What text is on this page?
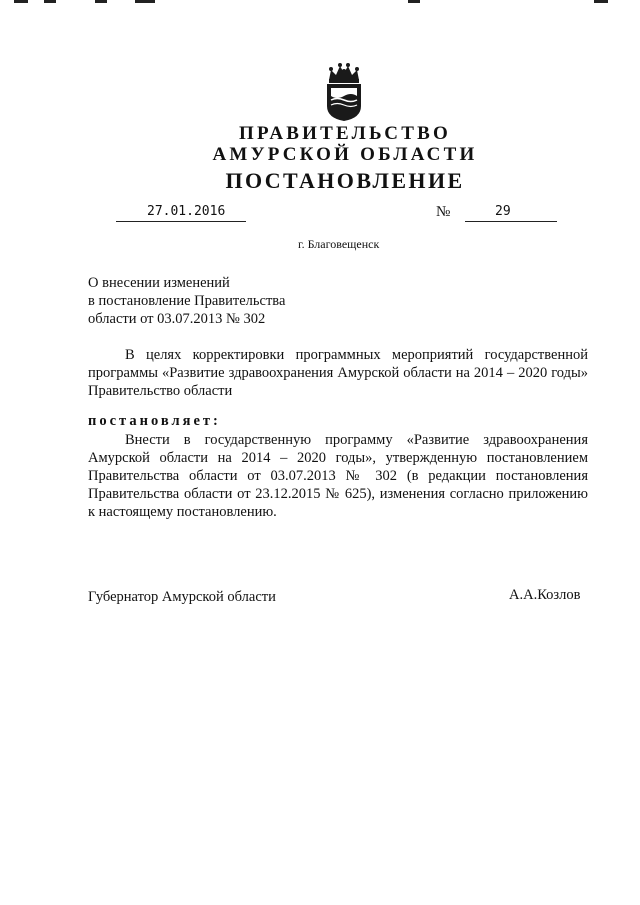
ПРАВИТЕЛЬСТВО
АМУРСКОЙ ОБЛАСТИ
ПОСТАНОВЛЕНИЕ
27.01.2016	№	29
г. Благовещенск
О внесении изменений
в постановление Правительства
области от 03.07.2013 № 302
В целях корректировки программных мероприятий государственной программы «Развитие здравоохранения Амурской области на 2014 – 2020 годы» Правительство области
постановляет:
Внести в государственную программу «Развитие здравоохранения Амурской области на 2014 – 2020 годы», утвержденную постановлением Правительства области от 03.07.2013 № 302 (в редакции постановления Правительства области от 23.12.2015 № 625), изменения согласно приложению к настоящему постановлению.
Губернатор Амурской области	А.А.Козлов
